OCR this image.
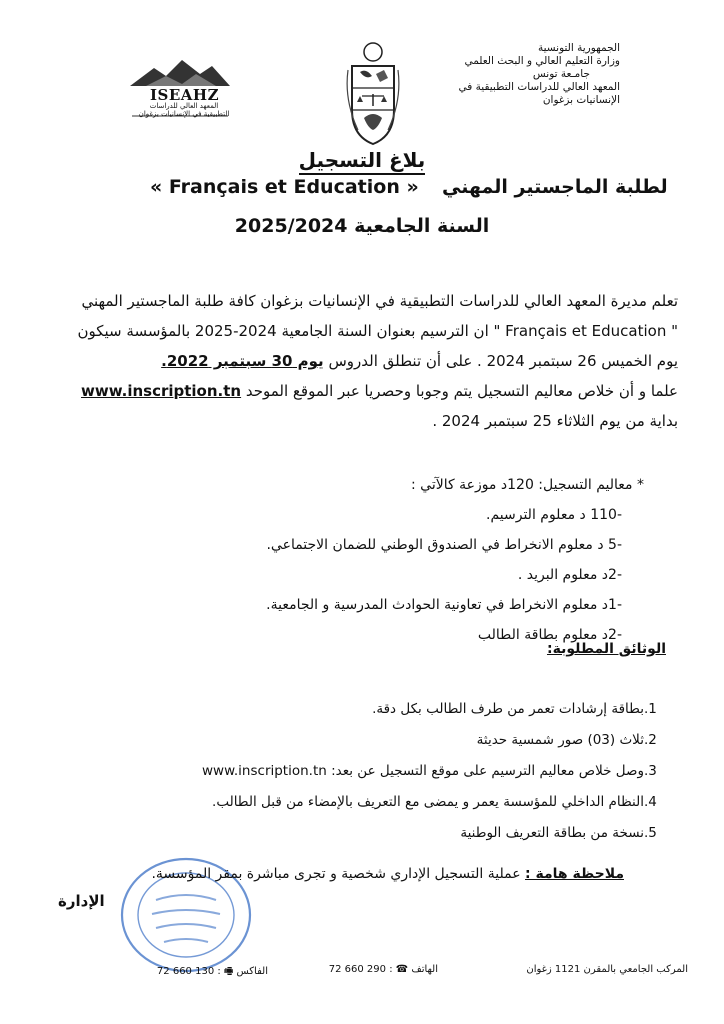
الجمهورية التونسية
وزارة التعليم العالي و البحث العلمي
جامـعة تونس
المعهد العالي للدراسات التطبيقية في
الإنسانيات بزغوان
ISEAHZ
المعهد العالي للدراسات
التطبيقية في الإنسانيات بزغوان
بلاغ التسجيل
« Français et Education » لطلبة الماجستير المهني
السنة الجامعية 2025/2024
تعلم مديرة المعهد العالي للدراسات التطبيقية في الإنسانيات بزغوان كافة طلبة الماجستير المهني
" Français et Education " ان الترسيم بعنوان السنة الجامعية 2024-2025 بالمؤسسة سيكون
يوم الخميس 26 سبتمبر 2024 . على أن تنطلق الدروس يوم 30 سبتمبر 2022.
علما و أن خلاص معاليم التسجيل يتم وجوبا وحصريا عبر الموقع الموحد www.inscription.tn
بداية من يوم الثلاثاء 25 سبتمبر 2024 .
* معاليم التسجيل: 120د موزعة كالآتي :
-110 د معلوم الترسيم.
-5 د معلوم الانخراط في الصندوق الوطني للضمان الاجتماعي.
-2د معلوم البريد .
-1د معلوم الانخراط في تعاونية الحوادث المدرسية و الجامعية.
-2د معلوم بطاقة الطالب
الوثائق المطلوبة:
1.بطاقة إرشادات تعمر من طرف الطالب بكل دقة.
2.ثلاث (03) صور شمسية حديثة
3.وصل خلاص معاليم الترسيم على موقع التسجيل عن بعد: www.inscription.tn
4.النظام الداخلي للمؤسسة يعمر و يمضى مع التعريف بالإمضاء من قبل الطالب.
5.نسخة من بطاقة التعريف الوطنية
ملاحظة هامة : عملية التسجيل الإداري شخصية و تجرى مباشرة بمقر المؤسسة.
الإدارة
المركب الجامعي بالمقرن 1121 زغوان
الهاتف ☎ : 290 660 72
الفاكس 🖷 : 130 660 72
